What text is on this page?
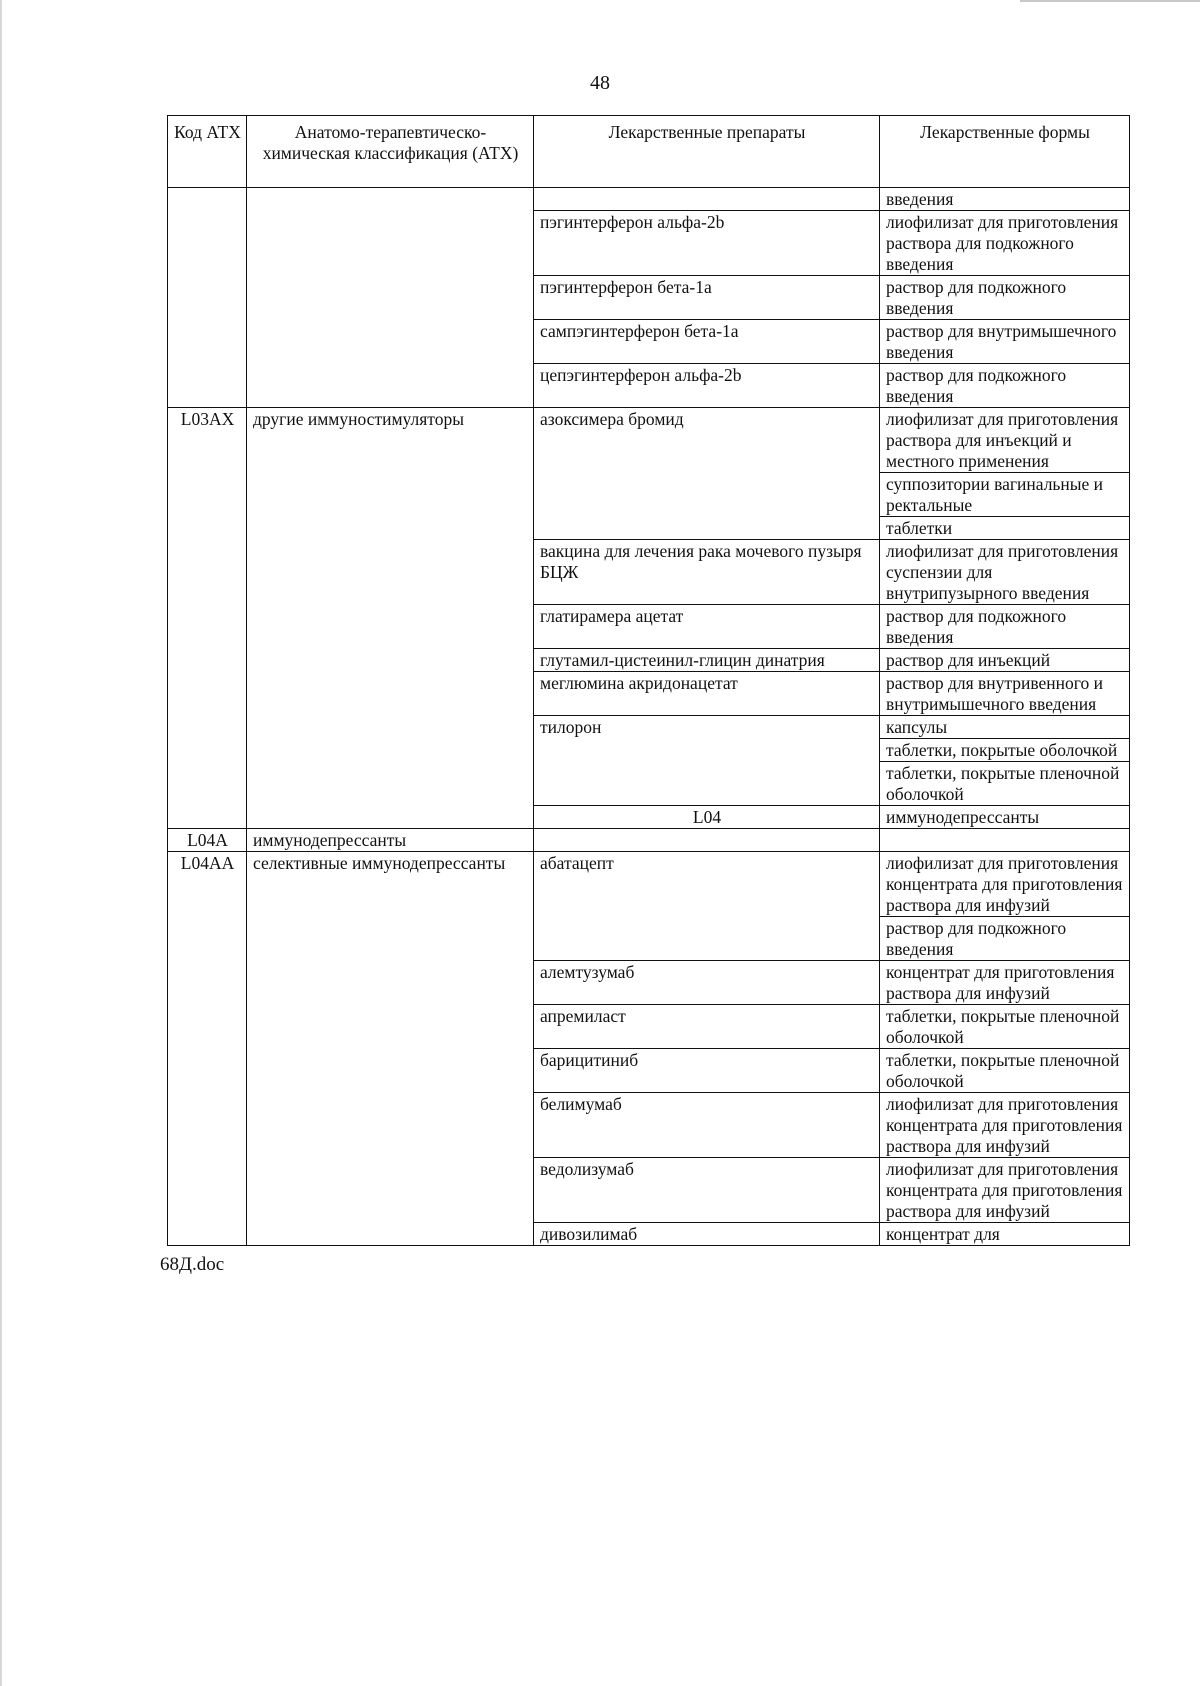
48
Код АТХ	Анатомо-терапевтическо-химическая классификация (АТХ)	Лекарственные препараты	Лекарственные формы	
			введения	
		пэгинтерферон альфа-2b	лиофилизат для приготовления раствора для подкожного введения	
		пэгинтерферон бета-1a	раствор для подкожного введения	
		сампэгинтерферон бета-1a	раствор для внутримышечного введения	
		цепэгинтерферон альфа-2b	раствор для подкожного введения	
L03AX	другие иммуностимуляторы	азоксимера бромид	лиофилизат для приготовления раствора для инъекций и местного применения	
			суппозитории вагинальные и ректальные	
			таблетки	
		вакцина для лечения рака мочевого пузыря БЦЖ	лиофилизат для приготовления суспензии для внутрипузырного введения	
		глатирамера ацетат	раствор для подкожного введения	
		глутамил-цистеинил-глицин динатрия	раствор для инъекций	
		меглюмина акридонацетат	раствор для внутривенного и внутримышечного введения	
		тилорон	капсулы	
			таблетки, покрытые оболочкой	
			таблетки, покрытые пленочной оболочкой	
		L04	иммунодепрессанты		
L04A	иммунодепрессанты			
L04AA	селективные иммунодепрессанты	абатацепт	лиофилизат для приготовления концентрата для приготовления раствора для инфузий	
			раствор для подкожного введения	
		алемтузумаб	концентрат для приготовления раствора для инфузий	
		апремиласт	таблетки, покрытые пленочной оболочкой	
		барицитиниб	таблетки, покрытые пленочной оболочкой	
		белимумаб	лиофилизат для приготовления концентрата для приготовления раствора для инфузий	
		ведолизумаб	лиофилизат для приготовления концентрата для приготовления раствора для инфузий	
		дивозилимаб	концентрат для	
68Д.doc
